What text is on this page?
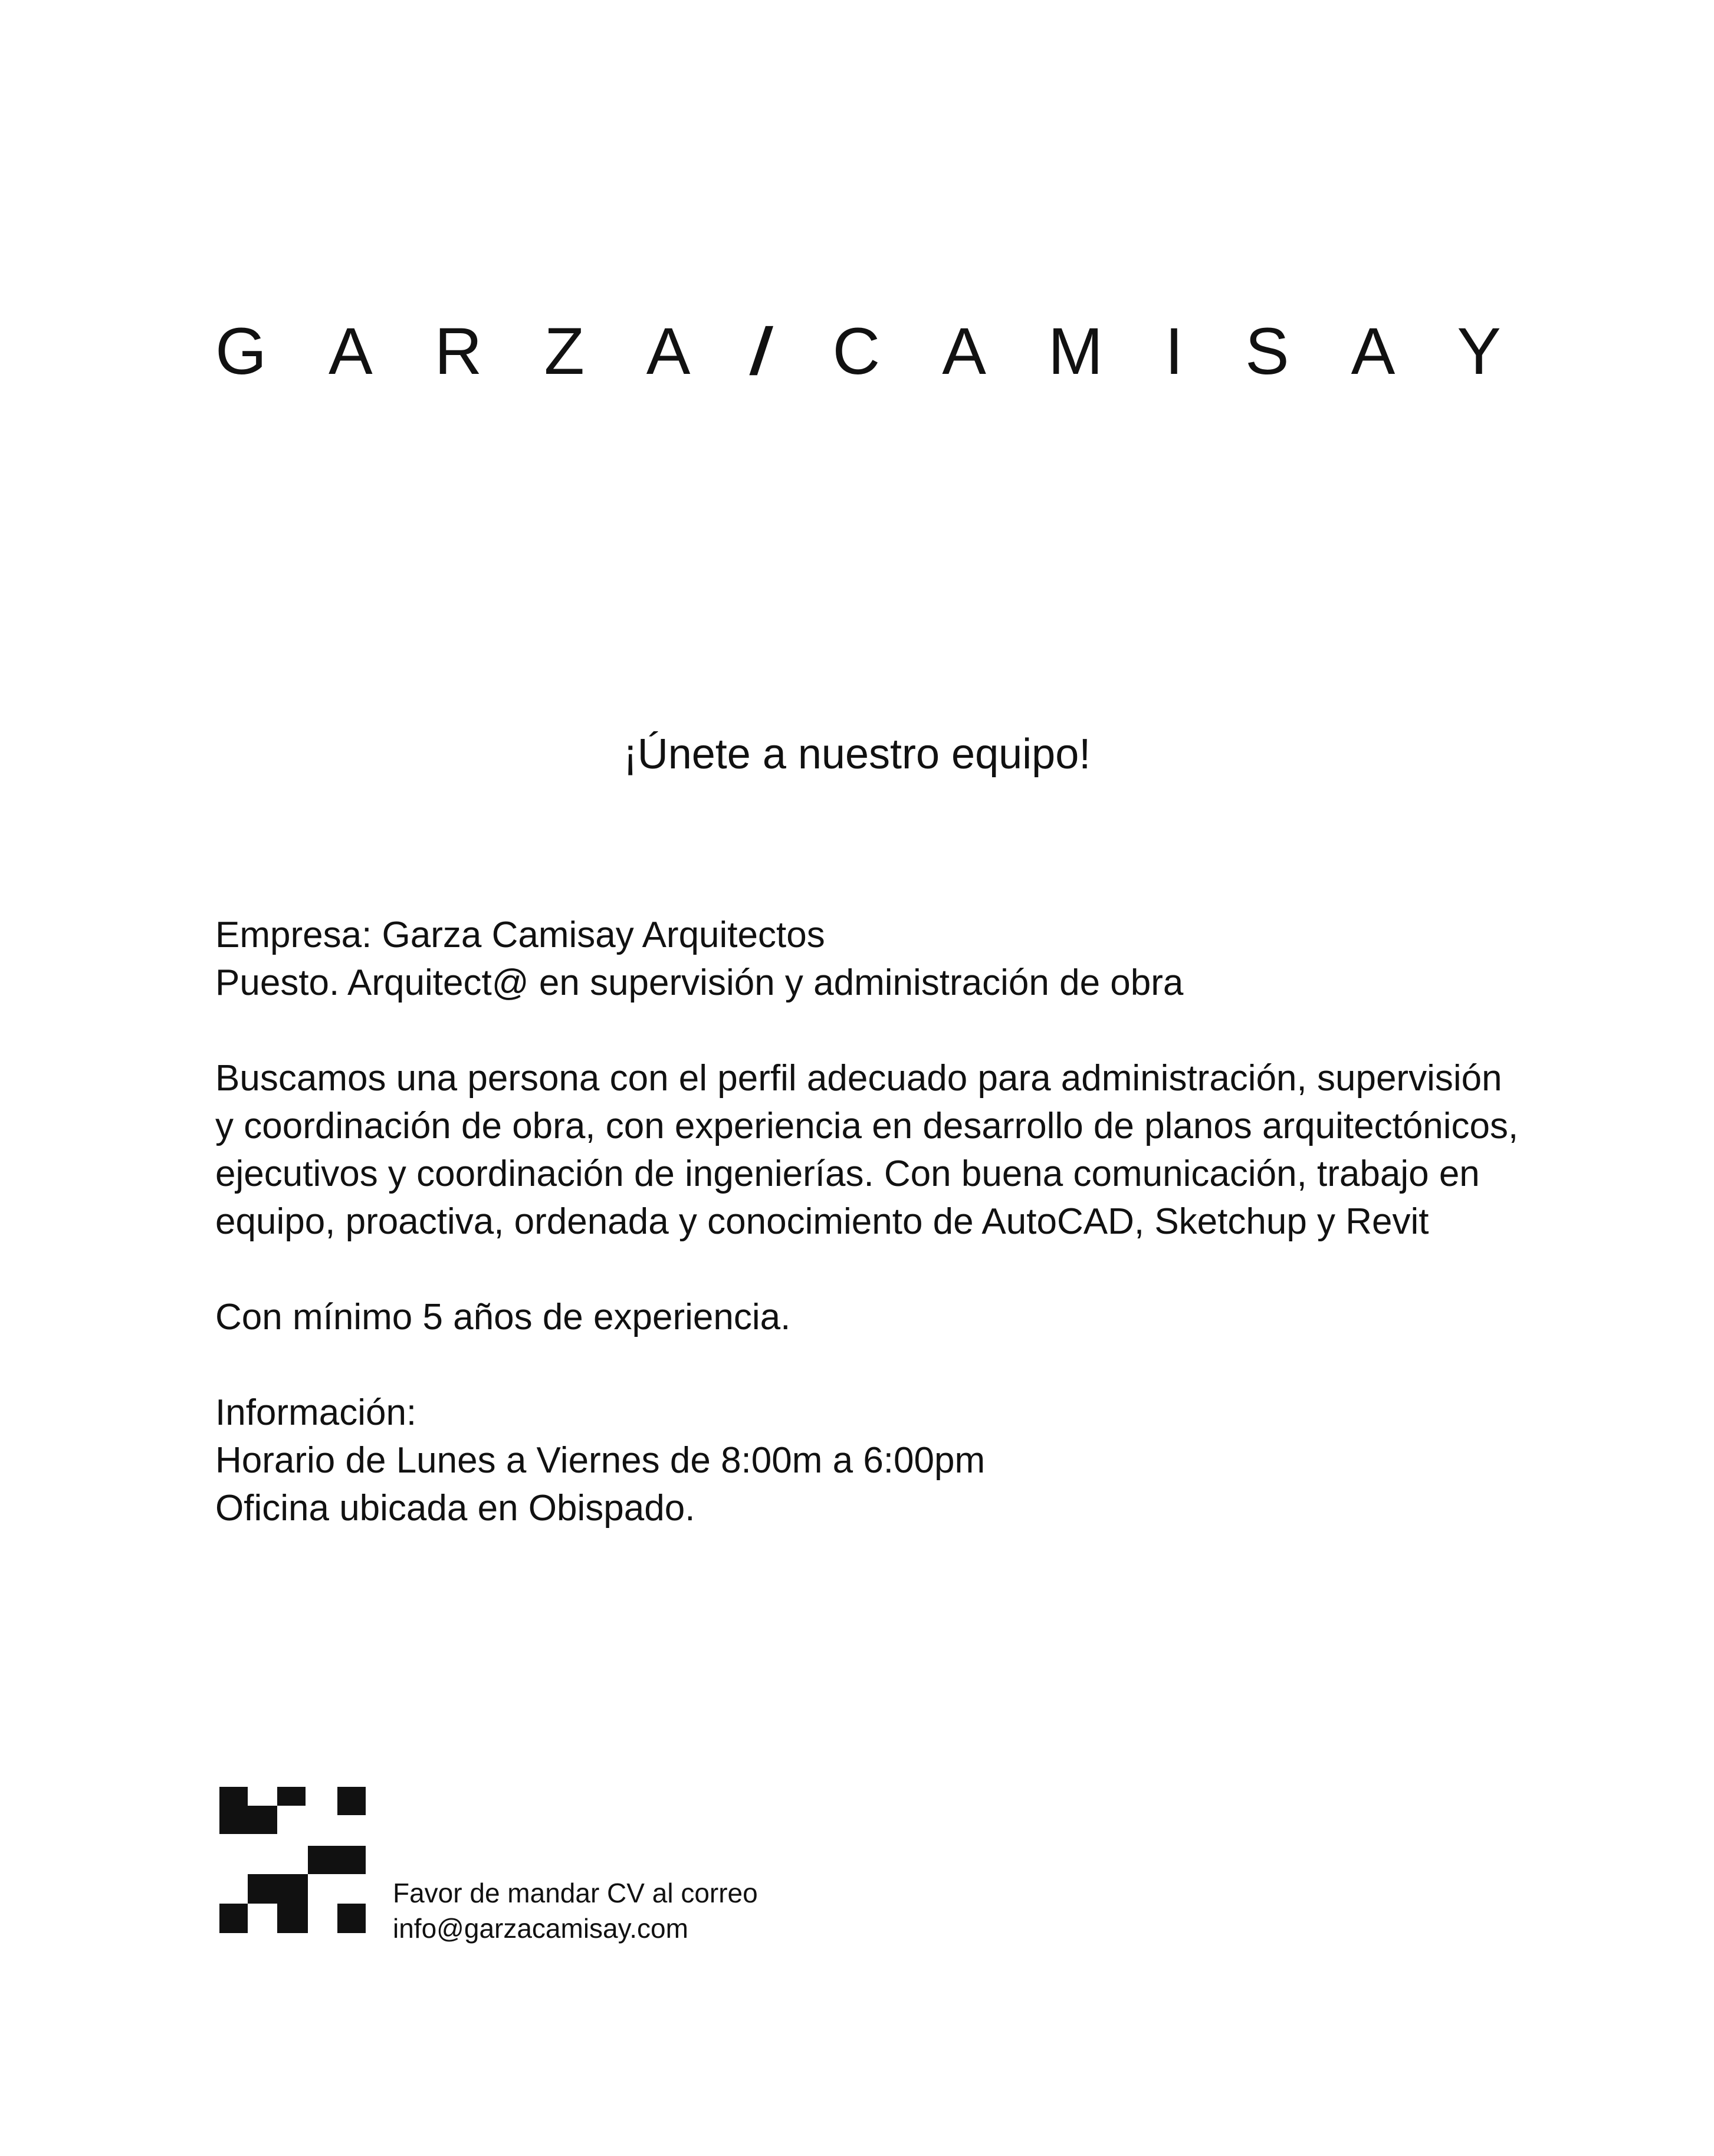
G A R Z A / C A M I S A Y
¡Únete a nuestro equipo!

Empresa: Garza Camisay Arquitectos

Puesto. Arquitect@ en supervisión y administración de obra

Buscamos una persona con el perfil adecuado para administración, supervisión

y coordinación de obra, con experiencia en desarrollo de planos arquitectónicos,

ejecutivos y coordinación de ingenierías. Con buena comunicación, trabajo en

equipo, proactiva, ordenada y conocimiento de AutoCAD, Sketchup y Revit

Con mínimo 5 años de experiencia.

Información:

Horario de Lunes a Viernes de 8:00m a 6:00pm

Oficina ubicada en Obispado.

Favor de mandar CV al correo

info@garzacamisay.com
